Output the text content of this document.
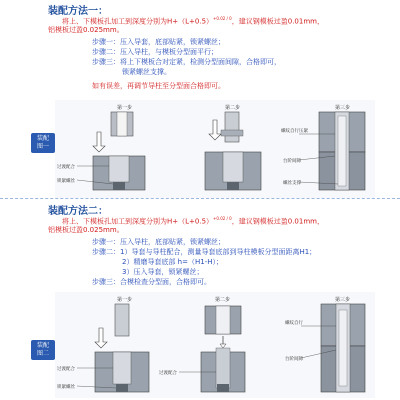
装配方法一：
将上、下模板孔加工到深度分别为$H+(L+0.5)^{+0.02 / 0}$，建议钢模板过盈0.01mm，
铝模板过盈0.025mm。
步骤一：压入导套，底部贴紧，锁紧螺丝；
步骤二：压入导柱，与模板分型面平行；
步骤三：将上下模板合对定紧，检测分型面间隙，合格即可，
锁紧螺丝支撑。
如有误差，再调节导柱至分型面合格即可。
装配
图一
第一步
过渡配合
锁紧螺丝
第二步	第三步
螺纹自行压紧
台阶间隙
螺丝支撑
装配方法二：
将上、下模板孔加工到深度分别为$H+(L+0.5)^{+0.02 / 0}$，建议钢模板过盈0.01mm，
铝模板过盈0.025mm。
步骤一：压入导柱，底部贴紧，锁紧螺丝；
步骤二：1）导套与导柱配合，测量导套底部到导柱模板分型面距离H1；
2）精磨导套底部 h=（H1-H）；
3）压入导套，锁紧螺丝；
步骤三：合模检查分型面，合格即可。
装配
图二
第一步
过渡配合
锁紧螺丝
第二步
过渡配合
第三步
螺纹自行
台阶间隙
